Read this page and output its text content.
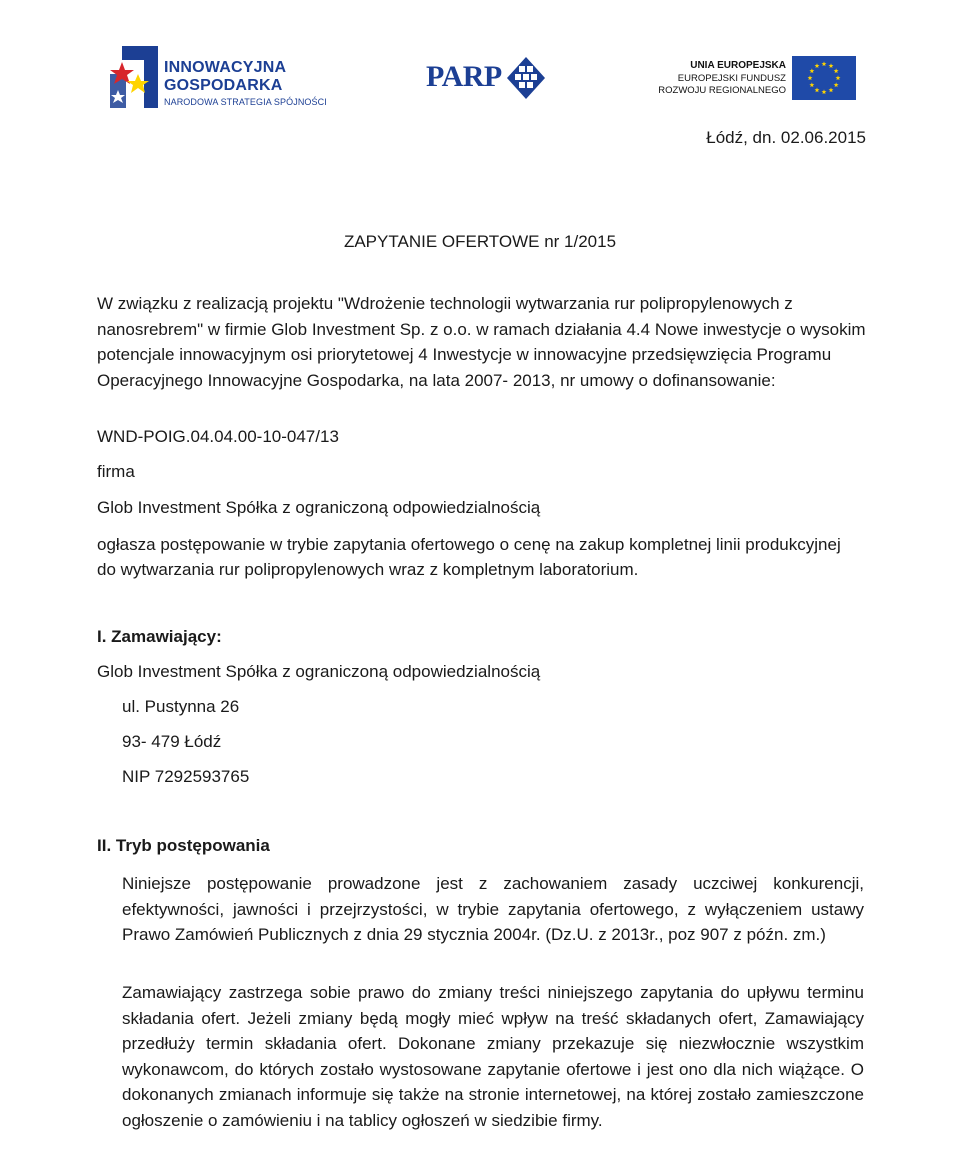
INNOWACYJNA
GOSPODARKA
NARODOWA STRATEGIA SPÓJNOŚCI
PARP	UNIA EUROPEJSKA
EUROPEJSKI FUNDUSZ
ROZWOJU REGIONALNEGO
Łódź, dn. 02.06.2015
ZAPYTANIE OFERTOWE nr 1/2015

W związku z realizacją projektu "Wdrożenie technologii wytwarzania rur polipropylenowych z nanosrebrem" w firmie Glob Investment Sp. z o.o. w ramach działania 4.4 Nowe inwestycje o wysokim potencjale innowacyjnym osi priorytetowej 4 Inwestycje w innowacyjne przedsięwzięcia Programu Operacyjnego Innowacyjne Gospodarka, na lata 2007- 2013, nr umowy o dofinansowanie:

WND-POIG.04.04.00-10-047/13
firma
Glob Investment Spółka z ograniczoną odpowiedzialnością

ogłasza postępowanie w trybie zapytania ofertowego o cenę na zakup kompletnej linii produkcyjnej do wytwarzania rur polipropylenowych wraz z kompletnym laboratorium.

I. Zamawiający:
Glob Investment Spółka z ograniczoną odpowiedzialnością
ul. Pustynna 26
93- 479 Łódź
NIP 7292593765
II. Tryb postępowania

Niniejsze postępowanie prowadzone jest z zachowaniem zasady uczciwej konkurencji, efektywności, jawności i przejrzystości, w trybie zapytania ofertowego, z wyłączeniem ustawy Prawo Zamówień Publicznych z dnia 29 stycznia 2004r. (Dz.U. z 2013r., poz 907 z późn. zm.)

Zamawiający zastrzega sobie prawo do zmiany treści niniejszego zapytania do upływu terminu składania ofert. Jeżeli zmiany będą mogły mieć wpływ na treść składanych ofert, Zamawiający przedłuży termin składania ofert. Dokonane zmiany przekazuje się niezwłocznie wszystkim wykonawcom, do których zostało wystosowane zapytanie ofertowe i jest ono dla nich wiążące. O dokonanych zmianach informuje się także na stronie internetowej, na której zostało zamieszczone ogłoszenie o zamówieniu i na tablicy ogłoszeń w siedzibie firmy.
